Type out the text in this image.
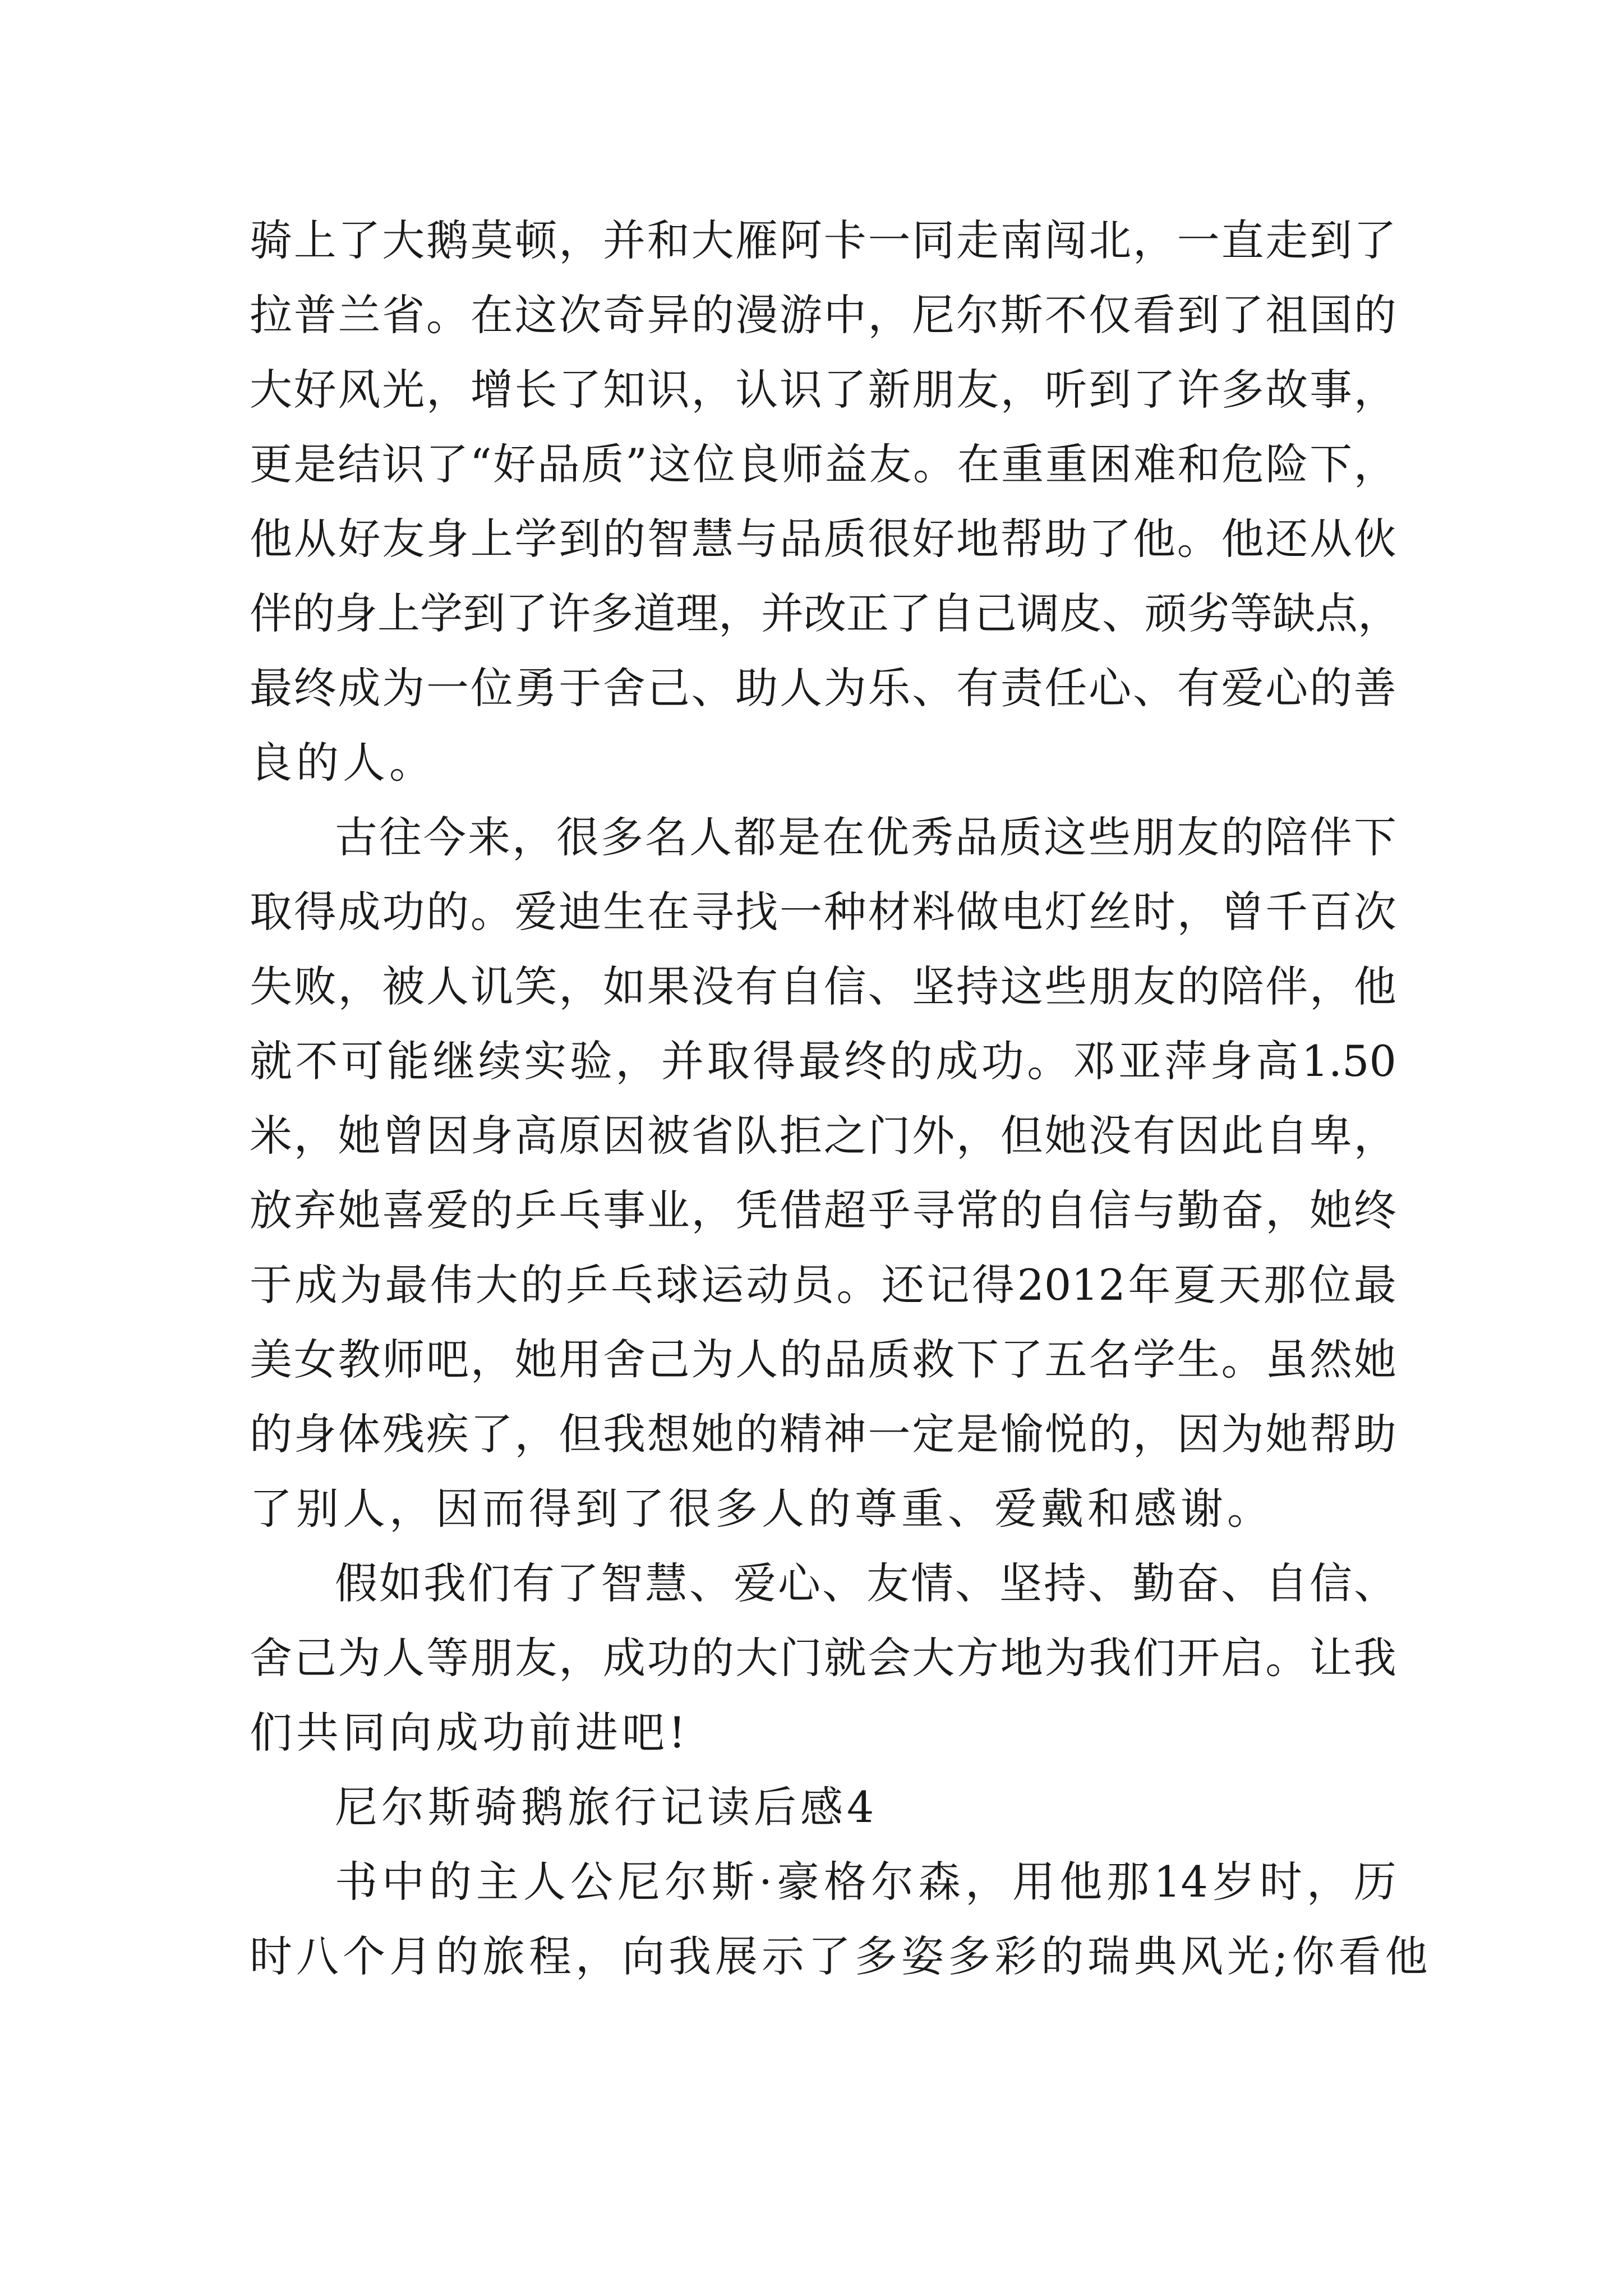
骑 上 了 大 鹅 莫 顿 ， 并 和 大 雁 阿 卡 一 同 走 南 闯 北 ， 一 直 走 到 了
拉 普 兰 省 。 在 这 次 奇 异 的 漫 游 中 ， 尼 尔 斯 不 仅 看 到 了 祖 国 的
大 好 风 光 ， 增 长 了 知 识 ， 认 识 了 新 朋 友 ， 听 到 了 许 多 故 事 ，
更 是 结 识 了 “ 好 品 质 ” 这 位 良 师 益 友 。 在 重 重 困 难 和 危 险 下 ，
他 从 好 友 身 上 学 到 的 智 慧 与 品 质 很 好 地 帮 助 了 他 。 他 还 从 伙
伴 的 身 上 学 到 了 许 多 道 理 ， 并 改 正 了 自 己 调 皮 、 顽 劣 等 缺 点 ，
最 终 成 为 一 位 勇 于 舍 己 、 助 人 为 乐 、 有 责 任 心 、 有 爱 心 的 善
良 的 人 。
古 往 今 来 ， 很 多 名 人 都 是 在 优 秀 品 质 这 些 朋 友 的 陪 伴 下
取 得 成 功 的 。 爱 迪 生 在 寻 找 一 种 材 料 做 电 灯 丝 时 ， 曾 千 百 次
失 败 ， 被 人 讥 笑 ， 如 果 没 有 自 信 、 坚 持 这 些 朋 友 的 陪 伴 ， 他
就 不 可 能 继 续 实 验 ， 并 取 得 最 终 的 成 功 。 邓 亚 萍 身 高 1.50
米 ， 她 曾 因 身 高 原 因 被 省 队 拒 之 门 外 ， 但 她 没 有 因 此 自 卑 ，
放 弃 她 喜 爱 的 乒 乓 事 业 ， 凭 借 超 乎 寻 常 的 自 信 与 勤 奋 ， 她 终
于 成 为 最 伟 大 的 乒 乓 球 运 动 员 。 还 记 得 2012 年 夏 天 那 位 最
美 女 教 师 吧 ， 她 用 舍 己 为 人 的 品 质 救 下 了 五 名 学 生 。 虽 然 她
的 身 体 残 疾 了 ， 但 我 想 她 的 精 神 一 定 是 愉 悦 的 ， 因 为 她 帮 助
了 别 人 ， 因 而 得 到 了 很 多 人 的 尊 重 、 爱 戴 和 感 谢 。
假 如 我 们 有 了 智 慧 、 爱 心 、 友 情 、 坚 持 、 勤 奋 、 自 信 、
舍 己 为 人 等 朋 友 ， 成 功 的 大 门 就 会 大 方 地 为 我 们 开 启 。 让 我
们 共 同 向 成 功 前 进 吧 !
尼 尔 斯 骑 鹅 旅 行 记 读 后 感 4
书 中 的 主 人 公 尼 尔 斯 · 豪 格 尔 森 ， 用 他 那 14 岁 时 ， 历
时 八 个 月 的 旅 程 ， 向 我 展 示 了 多 姿 多 彩 的 瑞 典 风 光 ; 你 看 他
